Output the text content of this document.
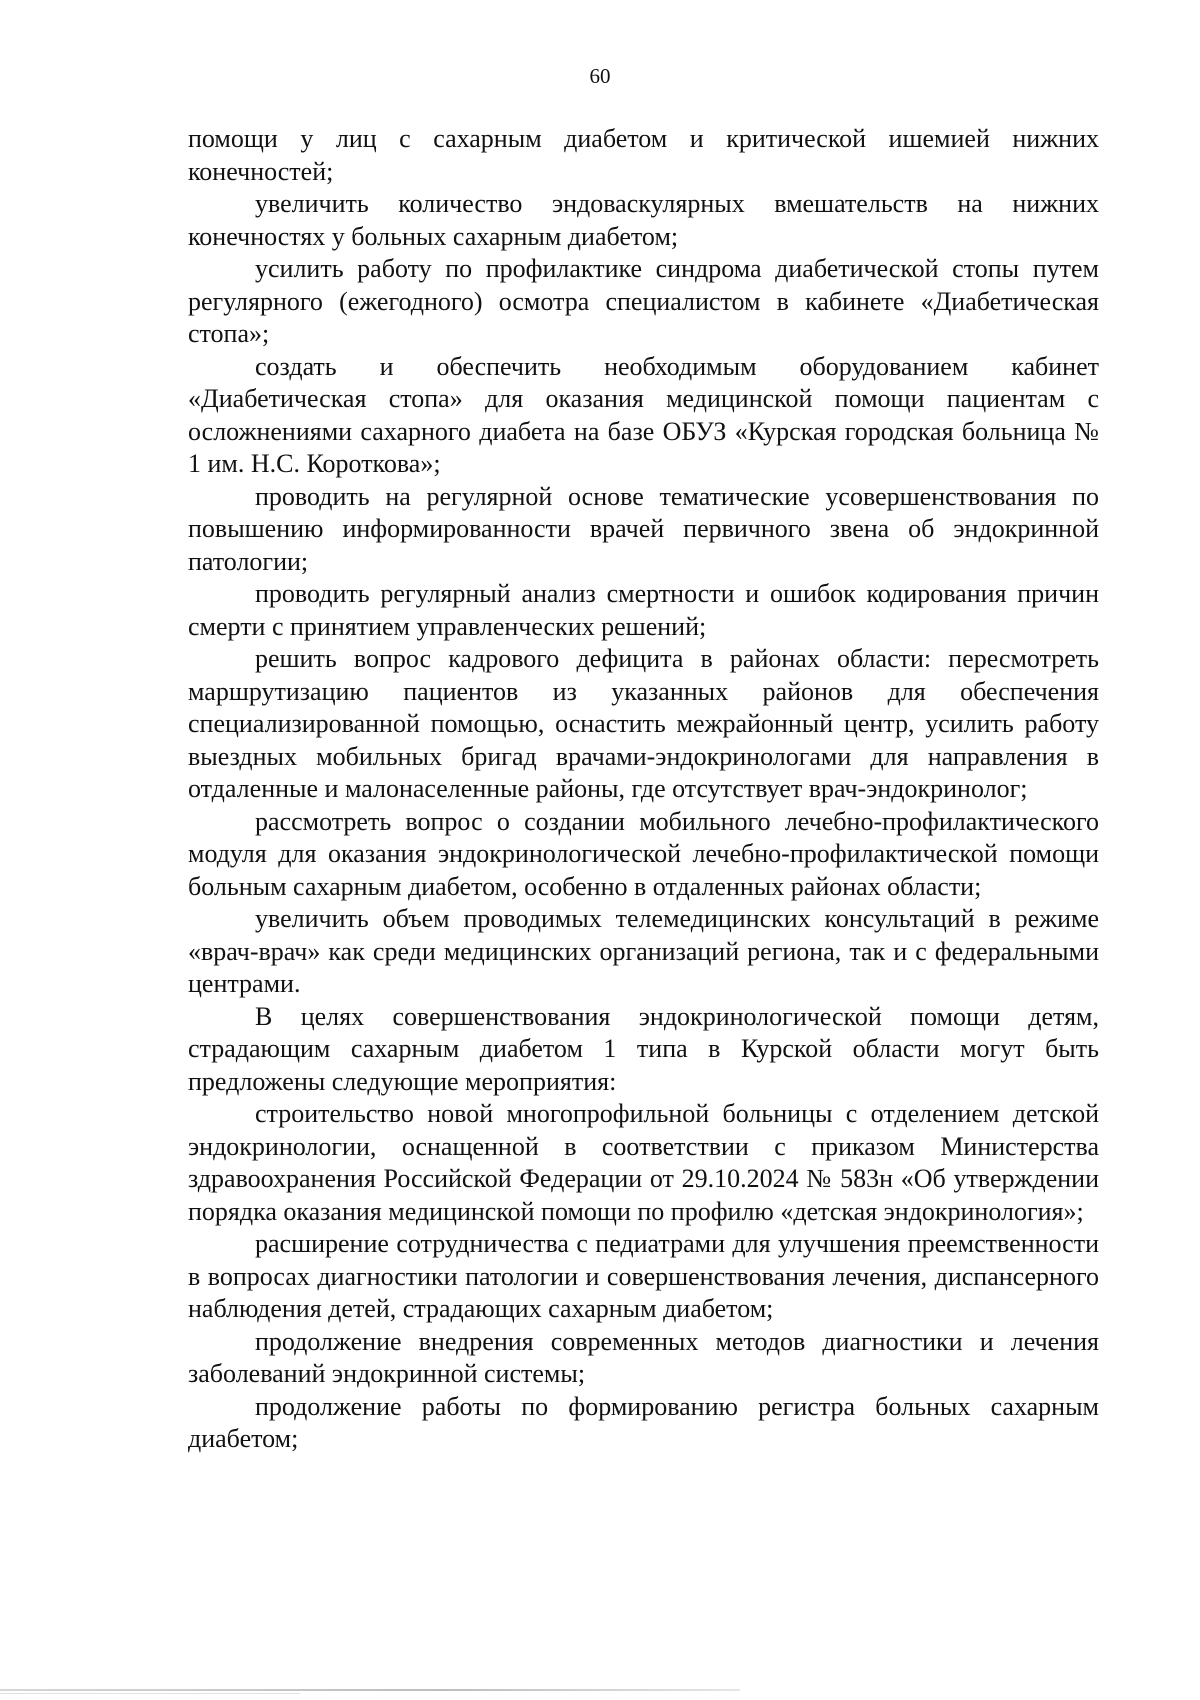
60

помощи у лиц с сахарным диабетом и критической ишемией нижних конечностей;

увеличить количество эндоваскулярных вмешательств на нижних конечностях у больных сахарным диабетом;

усилить работу по профилактике синдрома диабетической стопы путем регулярного (ежегодного) осмотра специалистом в кабинете «Диабетическая стопа»;

создать и обеспечить необходимым оборудованием кабинет «Диабетическая стопа» для оказания медицинской помощи пациентам с осложнениями сахарного диабета на базе ОБУЗ «Курская городская больница № 1 им. Н.С. Короткова»;

проводить на регулярной основе тематические усовершенствования по повышению информированности врачей первичного звена об эндокринной патологии;

проводить регулярный анализ смертности и ошибок кодирования причин смерти с принятием управленческих решений;

решить вопрос кадрового дефицита в районах области: пересмотреть маршрутизацию пациентов из указанных районов для обеспечения специализированной помощью, оснастить межрайонный центр, усилить работу выездных мобильных бригад врачами-эндокринологами для направления в отдаленные и малонаселенные районы, где отсутствует врач-эндокринолог;

рассмотреть вопрос о создании мобильного лечебно-профилактического модуля для оказания эндокринологической лечебно-профилактической помощи больным сахарным диабетом, особенно в отдаленных районах области;

увеличить объем проводимых телемедицинских консультаций в режиме «врач-врач» как среди медицинских организаций региона, так и с федеральными центрами.

В целях совершенствования эндокринологической помощи детям, страдающим сахарным диабетом 1 типа в Курской области могут быть предложены следующие мероприятия:

строительство новой многопрофильной больницы с отделением детской эндокринологии, оснащенной в соответствии с приказом Министерства здравоохранения Российской Федерации от 29.10.2024 № 583н «Об утверждении порядка оказания медицинской помощи по профилю «детская эндокринология»;

расширение сотрудничества с педиатрами для улучшения преемственности в вопросах диагностики патологии и совершенствования лечения, диспансерного наблюдения детей, страдающих сахарным диабетом;

продолжение внедрения современных методов диагностики и лечения заболеваний эндокринной системы;

продолжение работы по формированию регистра больных сахарным диабетом;
